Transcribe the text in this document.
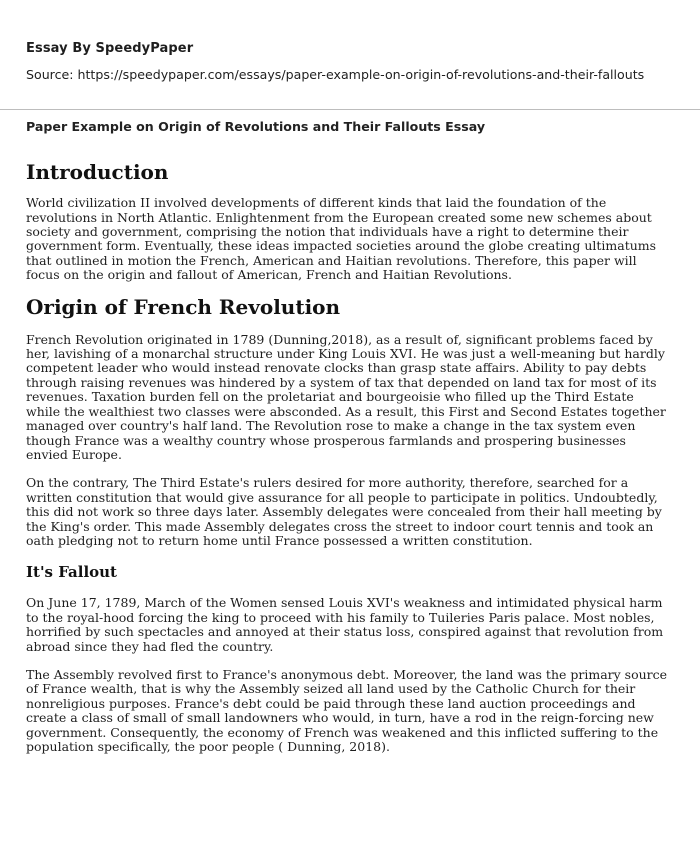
Essay By SpeedyPaper

Source: https://speedypaper.com/essays/paper-example-on-origin-of-revolutions-and-their-fallouts

Paper Example on Origin of Revolutions and Their Fallouts Essay

Introduction

World civilization II involved developments of different kinds that laid the foundation of the revolutions in North Atlantic. Enlightenment from the European created some new schemes about society and government, comprising the notion that individuals have a right to determine their government form. Eventually, these ideas impacted societies around the globe creating ultimatums that outlined in motion the French, American and Haitian revolutions. Therefore, this paper will focus on the origin and fallout of American, French and Haitian Revolutions.

Origin of French Revolution

French Revolution originated in 1789 (Dunning,2018), as a result of, significant problems faced by her, lavishing of a monarchal structure under King Louis XVI. He was just a well-meaning but hardly competent leader who would instead renovate clocks than grasp state affairs. Ability to pay debts through raising revenues was hindered by a system of tax that depended on land tax for most of its revenues. Taxation burden fell on the proletariat and bourgeoisie who filled up the Third Estate while the wealthiest two classes were absconded. As a result, this First and Second Estates together managed over country's half land. The Revolution rose to make a change in the tax system even though France was a wealthy country whose prosperous farmlands and prospering businesses envied Europe.

On the contrary, The Third Estate's rulers desired for more authority, therefore, searched for a written constitution that would give assurance for all people to participate in politics. Undoubtedly, this did not work so three days later. Assembly delegates were concealed from their hall meeting by the King's order. This made Assembly delegates cross the street to indoor court tennis and took an oath pledging not to return home until France possessed a written constitution.

It's Fallout

On June 17, 1789, March of the Women sensed Louis XVI's weakness and intimidated physical harm to the royal-hood forcing the king to proceed with his family to Tuileries Paris palace. Most nobles, horrified by such spectacles and annoyed at their status loss, conspired against that revolution from abroad since they had fled the country.

The Assembly revolved first to France's anonymous debt. Moreover, the land was the primary source of France wealth, that is why the Assembly seized all land used by the Catholic Church for their nonreligious purposes. France's debt could be paid through these land auction proceedings and create a class of small of small landowners who would, in turn, have a rod in the reign-forcing new government. Consequently, the economy of French was weakened and this inflicted suffering to the population specifically, the poor people ( Dunning, 2018).
